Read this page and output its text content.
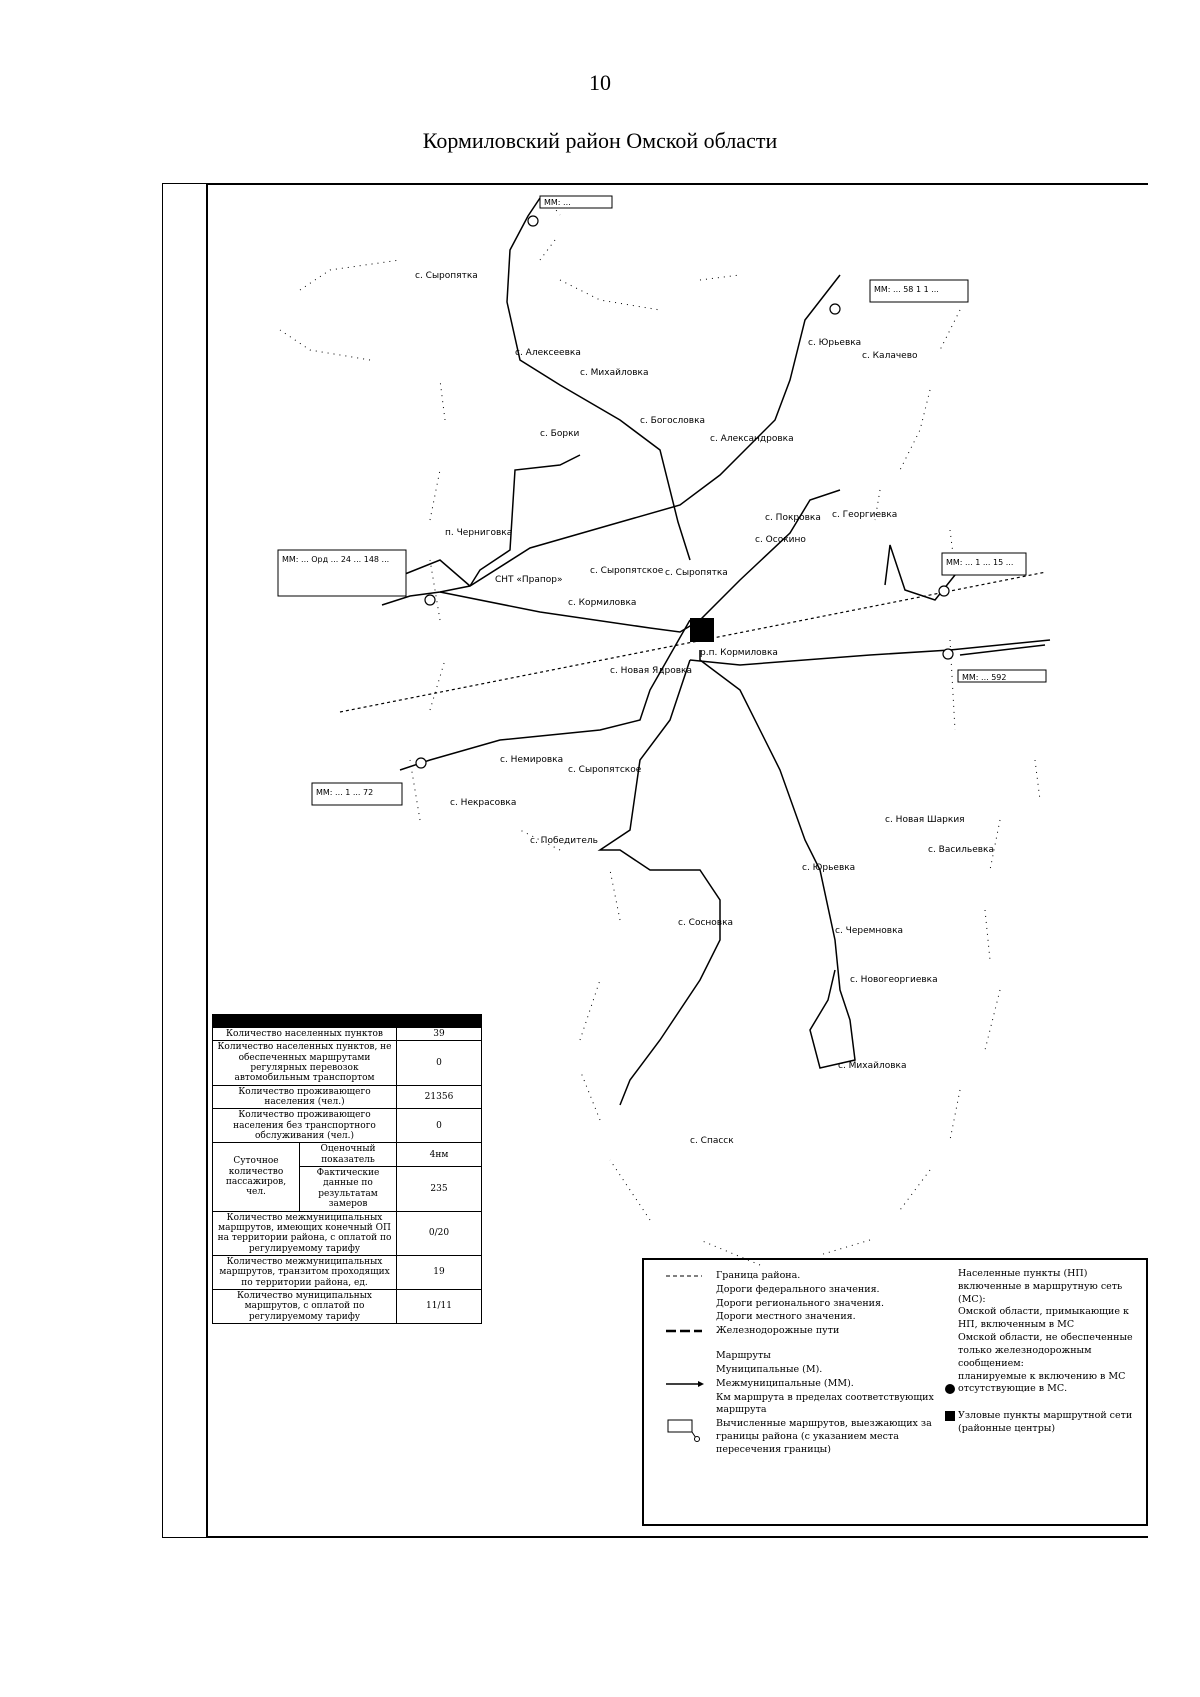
10
Кормиловский район Омской области
ММ: ...
ММ: ... 58 1 1 ...
ММ: ... Орд ... 24 ... 148 ...	ММ: ... 1 ... 15 ...
ММ: ... 592
ММ: ... 1 ... 72
с. Сыропятка
с. Алексеевка
с. Михайловка
с. Борки
п. Черниговка
СНТ «Прапор»
с. Сыропятское
с. Кормиловка
с. Новая Ядровка
с. Немировка
с. Сыропятское
с. Сыропятка
р.п. Кормиловка
с. Некрасовка
с. Победитель
с. Юрьевка
с. Калачево
с. Богословка
с. Александровка
с. Покровка с. Георгиевка
с. Осокино
с. Новая Шаркия
с. Васильевка
с. Черемновка
с. Новогеоргиевка
с. Спасск
с. Михайловка
с. Сосновка
с. Юрьевка

Количество населенных пунктов		39
Количество населенных пунктов, не обеспеченных маршрутами регулярных перевозок автомобильным транспортом		0
Количество проживающего населения (чел.)		21356
Количество проживающего населения без транспортного обслуживания (чел.)		0
Суточное количество пассажиров, чел.	Оценочный показатель	4нм
	Фактические данные по результатам замеров	235
Количество межмуниципальных маршрутов, имеющих конечный ОП на территории района, с оплатой по регулируемому тарифу		0/20
Количество межмуниципальных маршрутов, транзитом проходящих по территории района, ед.		19
Количество муниципальных маршрутов, с оплатой по регулируемому тарифу		11/11
Граница района.
Дороги федерального значения.
Дороги регионального значения.
Дороги местного значения.
Железнодорожные пути
Маршруты
Муниципальные (М).
Межмуниципальные (ММ).
Км маршрута в пределах соответствующих маршрута
Вычисленные маршрутов, выезжающих за границы района (с указанием места пересечения границы)
Населенные пункты (НП) включенные в маршрутную сеть (МС):
Омской области, примыкающие к НП, включенным в МС
Омской области, не обеспеченные только железнодорожным сообщением:
планируемые к включению в МС
отсутствующие в МС.
Узловые пункты маршрутной сети (районные центры)
